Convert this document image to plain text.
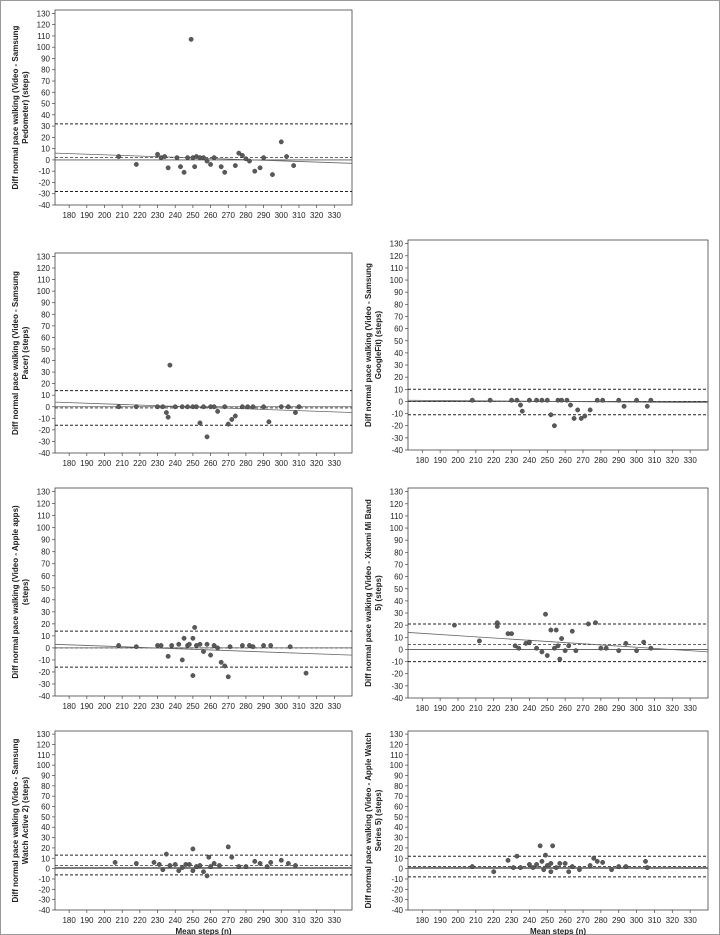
-40
-30
-20
-10
0
10
20
30
40
50
60
70
80
90
100
110
120
130
180 190 200 210 220 230 240 250 260 270 280 290 300 310 320 330
Diff normal pace walking (Video - SamsungPedometer) (steps)
-40
-30
-20
-10
0
10
20
30
40
50
60
70
80
90
100
110
120
130
180 190 200 210 220 230 240 250 260 270 280 290 300 310 320 330
Diff normal pace walking (Video - SamsungPacer) (steps)
-40
-30
-20
-10
0
10
20
30
40
50
60
70
80
90
100
110
120
130
180 190 200 210 220 230 240 250 260 270 280 290 300 310 320 330
Diff normal pace walking (Video - SamsungGoogleFit) (steps)
-40
-30
-20
-10
0
10
20
30
40
50
60
70
80
90
100
110
120
130
180 190 200 210 220 230 240 250 260 270 280 290 300 310 320 330
Diff normal pace walking (Video - Apple apps)(steps)
-40
-30
-20
-10
0
10
20
30
40
50
60
70
80
90
100
110
120
130
180 190 200 210 220 230 240 250 260 270 280 290 300 310 320 330
Diff normal pace walking (Video - Xiaomi Mi Band5) (steps)
-40
-30
-20
-10
0
10
20
30
40
50
60
70
80
90
100
110
120
130
180 190 200 210 220 230 240 250 260 270 280 290 300 310 320 330
Diff normal pace walking (Video - SamsungWatch Active 2) (steps)
Mean steps (n)
-40
-30
-20
-10
0
10
20
30
40
50
60
70
80
90
100
110
120
130
180 190 200 210 220 230 240 250 260 270 280 290 300 310 320 330
Diff normal pace walking (Video - Apple WatchSeries 5) (steps)
Mean steps (n)
